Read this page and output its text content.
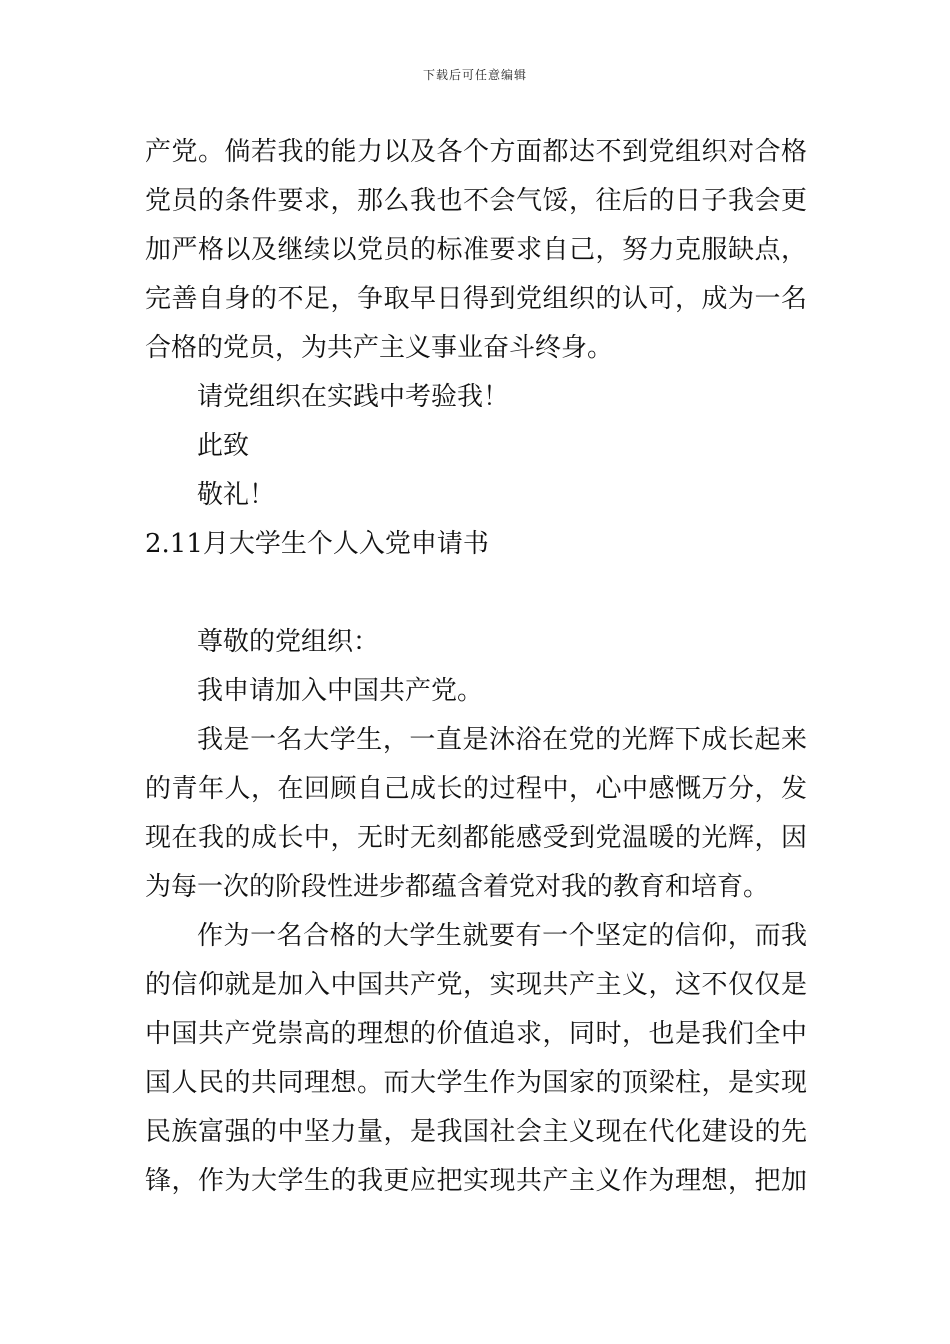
下载后可任意编辑
产党。倘若我的能力以及各个方面都达不到党组织对合格
党员的条件要求，那么我也不会气馁，往后的日子我会更
加严格以及继续以党员的标准要求自己，努力克服缺点，
完善自身的不足，争取早日得到党组织的认可，成为一名
合格的党员，为共产主义事业奋斗终身。
请党组织在实践中考验我！
此致
敬礼！
2.11月大学生个人入党申请书
尊敬的党组织：
我申请加入中国共产党。
我是一名大学生，一直是沐浴在党的光辉下成长起来
的青年人，在回顾自己成长的过程中，心中感慨万分，发
现在我的成长中，无时无刻都能感受到党温暖的光辉，因
为每一次的阶段性进步都蕴含着党对我的教育和培育。
作为一名合格的大学生就要有一个坚定的信仰，而我
的信仰就是加入中国共产党，实现共产主义，这不仅仅是
中国共产党崇高的理想的价值追求，同时，也是我们全中
国人民的共同理想。而大学生作为国家的顶梁柱，是实现
民族富强的中坚力量，是我国社会主义现在代化建设的先
锋，作为大学生的我更应把实现共产主义作为理想，把加
